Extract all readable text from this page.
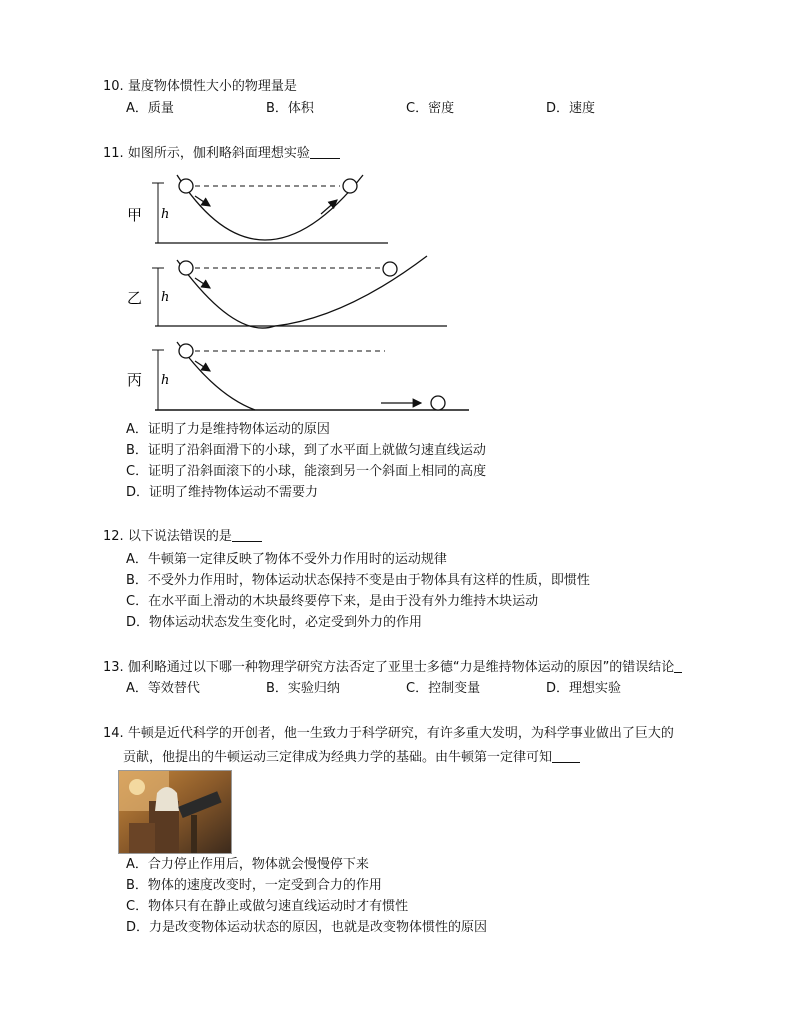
10. 量度物体惯性大小的物理量是
A．质量	B．体积	C．密度	D．速度
11. 如图所示，伽利略斜面理想实验
甲 h
乙 h
丙 h
A．证明了力是维持物体运动的原因
B．证明了沿斜面滑下的小球，到了水平面上就做匀速直线运动
C．证明了沿斜面滚下的小球，能滚到另一个斜面上相同的高度
D．证明了维持物体运动不需要力
12. 以下说法错误的是
A．牛顿第一定律反映了物体不受外力作用时的运动规律
B．不受外力作用时，物体运动状态保持不变是由于物体具有这样的性质，即惯性
C．在水平面上滑动的木块最终要停下来，是由于没有外力维持木块运动
D．物体运动状态发生变化时，必定受到外力的作用
13. 伽利略通过以下哪一种物理学研究方法否定了亚里士多德“力是维持物体运动的原因”的错误结论
A．等效替代	B．实验归纳	C．控制变量	D．理想实验
14. 牛顿是近代科学的开创者，他一生致力于科学研究，有许多重大发明，为科学事业做出了巨大的
贡献，他提出的牛顿运动三定律成为经典力学的基础。由牛顿第一定律可知
A．合力停止作用后，物体就会慢慢停下来
B．物体的速度改变时，一定受到合力的作用
C．物体只有在静止或做匀速直线运动时才有惯性
D．力是改变物体运动状态的原因，也就是改变物体惯性的原因
